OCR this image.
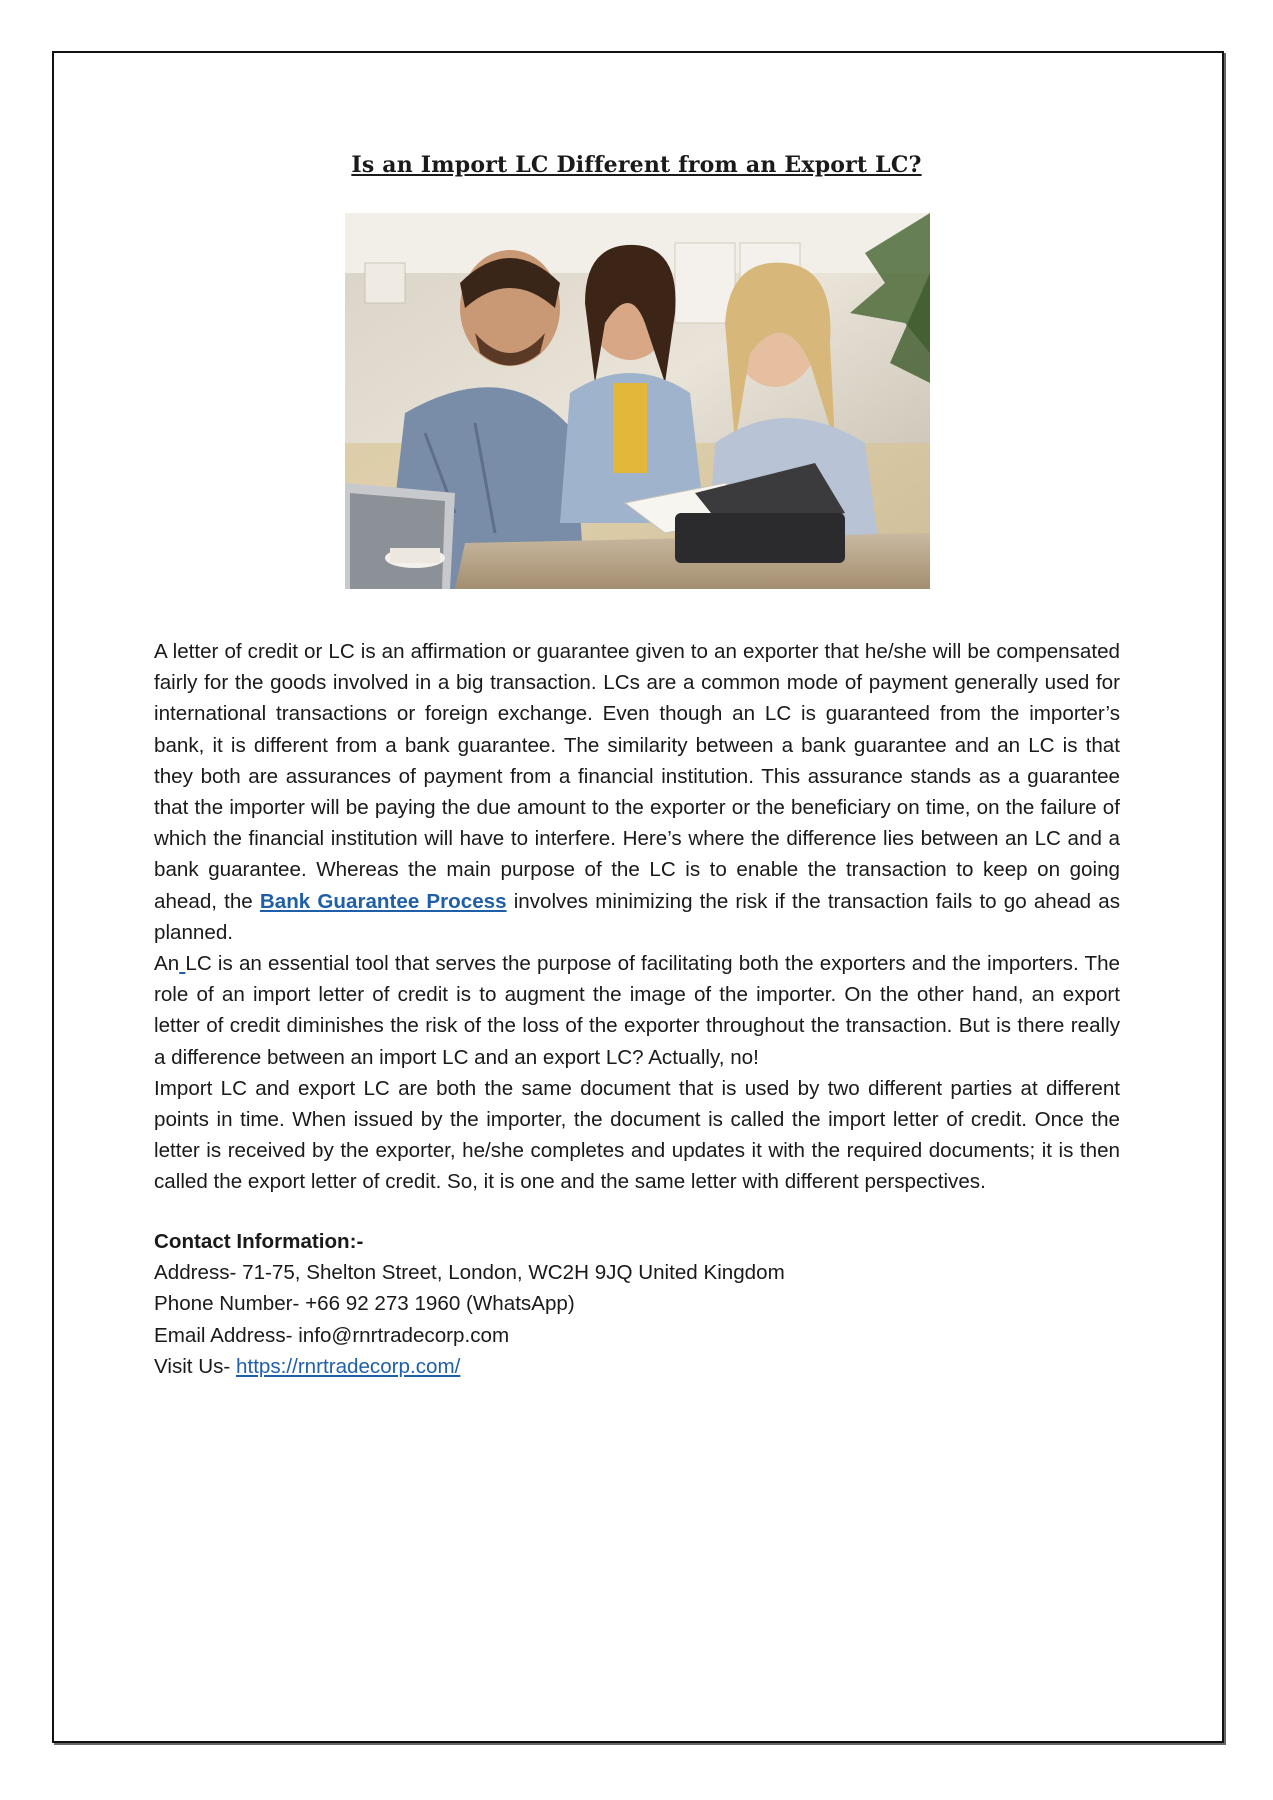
Is an Import LC Different from an Export LC?

A letter of credit or LC is an affirmation or guarantee given to an exporter that he/she will be compensated fairly for the goods involved in a big transaction. LCs are a common mode of payment generally used for international transactions or foreign exchange. Even though an LC is guaranteed from the importer’s bank, it is different from a bank guarantee. The similarity between a bank guarantee and an LC is that they both are assurances of payment from a financial institution. This assurance stands as a guarantee that the importer will be paying the due amount to the exporter or the beneficiary on time, on the failure of which the financial institution will have to interfere. Here’s where the difference lies between an LC and a bank guarantee. Whereas the main purpose of the LC is to enable the transaction to keep on going ahead, the Bank Guarantee Process involves minimizing the risk if the transaction fails to go ahead as planned.

An LC is an essential tool that serves the purpose of facilitating both the exporters and the importers. The role of an import letter of credit is to augment the image of the importer. On the other hand, an export letter of credit diminishes the risk of the loss of the exporter throughout the transaction. But is there really a difference between an import LC and an export LC? Actually, no!

Import LC and export LC are both the same document that is used by two different parties at different points in time. When issued by the importer, the document is called the import letter of credit. Once the letter is received by the exporter, he/she completes and updates it with the required documents; it is then called the export letter of credit. So, it is one and the same letter with different perspectives.

Contact Information:-
Address- 71-75, Shelton Street, London, WC2H 9JQ United Kingdom
Phone Number- +66 92 273 1960 (WhatsApp)
Email Address- info@rnrtradecorp.com
Visit Us- https://rnrtradecorp.com/
